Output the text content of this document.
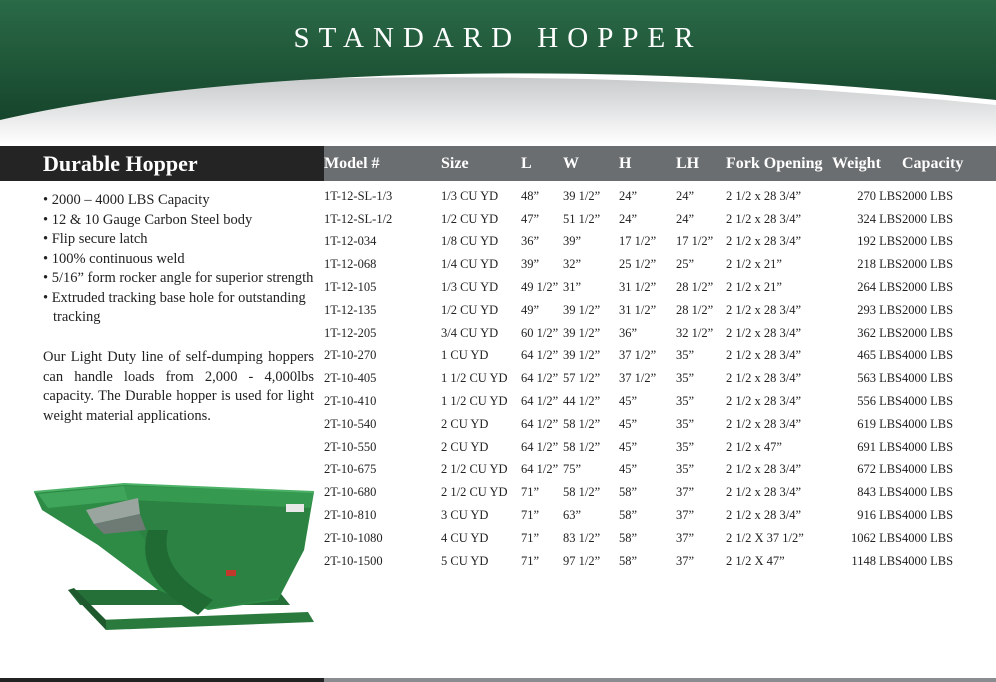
STANDARD HOPPER
Durable Hopper
• 2000 – 4000 LBS Capacity
• 12 & 10 Gauge Carbon Steel body
• Flip secure latch
• 100% continuous weld
• 5/16” form rocker angle for superior strength
• Extruded tracking base hole for outstanding tracking

Our Light Duty line of self-dumping hoppers can handle loads from 2,000 - 4,000lbs capacity. The Durable hopper is used for light weight material applications.

Model #	Size	L	W	H	LH	Fork Opening	Weight	Capacity
1T-12-SL-1/3	1/3 CU YD	48”	39 1/2”	24”	24”	2 1/2 x 28 3/4”	270 LBS	2000 LBS
1T-12-SL-1/2	1/2 CU YD	47”	51 1/2”	24”	24”	2 1/2 x 28 3/4”	324 LBS	2000 LBS
1T-12-034	1/8 CU YD	36”	39”	17 1/2”	17 1/2”	2 1/2 x 28 3/4”	192 LBS	2000 LBS
1T-12-068	1/4 CU YD	39”	32”	25 1/2”	25”	2 1/2 x 21”	218 LBS	2000 LBS
1T-12-105	1/3 CU YD	49 1/2”	31”	31 1/2”	28 1/2”	2 1/2 x 21”	264 LBS	2000 LBS
1T-12-135	1/2 CU YD	49”	39 1/2”	31 1/2”	28 1/2”	2 1/2 x 28 3/4”	293 LBS	2000 LBS
1T-12-205	3/4 CU YD	60 1/2”	39 1/2”	36”	32 1/2”	2 1/2 x 28 3/4”	362 LBS	2000 LBS
2T-10-270	1 CU YD	64 1/2”	39 1/2”	37 1/2”	35”	2 1/2 x 28 3/4”	465 LBS	4000 LBS
2T-10-405	1 1/2 CU YD	64 1/2”	57 1/2”	37 1/2”	35”	2 1/2 x 28 3/4”	563 LBS	4000 LBS
2T-10-410	1 1/2 CU YD	64 1/2”	44 1/2”	45”	35”	2 1/2 x 28 3/4”	556 LBS	4000 LBS
2T-10-540	2 CU YD	64 1/2”	58 1/2”	45”	35”	2 1/2 x 28 3/4”	619 LBS	4000 LBS
2T-10-550	2 CU YD	64 1/2”	58 1/2”	45”	35”	2 1/2 x 47”	691 LBS	4000 LBS
2T-10-675	2 1/2 CU YD	64 1/2”	75”	45”	35”	2 1/2 x 28 3/4”	672 LBS	4000 LBS
2T-10-680	2 1/2 CU YD	71”	58 1/2”	58”	37”	2 1/2 x 28 3/4”	843 LBS	4000 LBS
2T-10-810	3 CU YD	71”	63”	58”	37”	2 1/2 x 28 3/4”	916 LBS	4000 LBS
2T-10-1080	4 CU YD	71”	83 1/2”	58”	37”	2 1/2 X 37 1/2”	1062 LBS	4000 LBS
2T-10-1500	5 CU YD	71”	97 1/2”	58”	37”	2 1/2 X 47”	1148 LBS	4000 LBS
